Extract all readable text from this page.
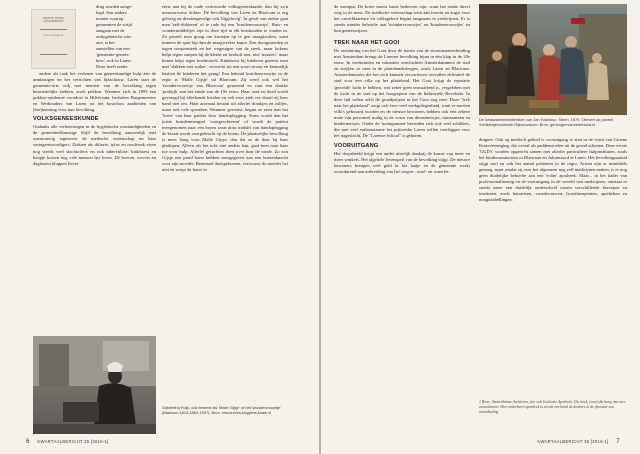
PROEVE EENER GESCHIEDENIS
HET RAADSBLAD
ding worden aange-
legd. Een andere
manier waarop
gemeenten de strijd
aangaan met de
onhygiënische situ-
atie, is het
aanstellen van een
'gemeente-genees-
heer', ook in Laren.
Deze heeft onder

andere als taak het verlenen van geneeskundige hulp aan de armlastigen en het verrichten van lijkschouw. Laren start de gemeente-arts ook met inenten van de bevolking tegen besmettelijke ziekten, zoals pokken. Wanneer zich in 1893 een pokken-epidemie voordoet in Hilversum, besluiten Burgemeester en Wethouders van Laren tot het kosteloos aanbieden van (her)inenting voor hun bevolking.

VOLKSGENEESKUNDE

Ondanks alle verbeteringen in de hygiënische omstandigheden en de geneesheelkunstige blijft de bevolking aanzienlijk met wantrouwig tegenover de medische wetenschap en haar vertegenwoordigers. Ziekten als difterie, tyfus en roodvonk eisen nog steeds veel slachtoffers en ook tuberculose, kinkhoest en heupje kosten nog vele mensen het leven. De boeren, wevers en dagloners kloppen liever

eerst aan bij de oude vertrouwde volksgeneeskunde, dan bij zo'n nieuwerwetse dokter. De bevolking van Laren en Blaricum is erg gelovig en dientengevolge ook 'bijgelovig'. In geval van ziekte gaat men 'zelf-dokteren' of te rade bij een 'kruidenvrouwtje'. Huis- en wondermiddeltjes zijn in deze tijd in elk huishouden te vinden in. Zo prezelt men graag om kruiejen op te gen maagkwalen, want immers de spin bijt dan de maagwerker kapot. Een doorgesneden ui tegen wespensteek en het wegzuigen van de steek, maar kokens helpt tegen stuipen bij de kleine en bezhult met, niet 'muizen', maar bonen helpt tegen koeltesteek. Kinkhoest bij kinderen geneest men met 'slakken met suiker', verwerkt tot een soort stroop en kenmelijk hastten de kinderen het graag! Een bekend kruidenvrouwtje in de regio is 'Malle Gijsje' uit Blaricum. Zij werd ook wel het 'wondervrouwtje van Blaricum' genoemd en runt een drukke 'praktijk' aan het einde van de 19e eeuw. Haar raad en daad wordt gevraagd bij allerhande kwalen en ook voor ziek vee draait zij haar hand niet om. Haar arsenaal bestaat uit allerlei drankjes en zalfjes, maar ook vele spreuken. Wanneer gewenst, begint ze eerst met het 'lezen' van haar patiënt door handoplegging. Soms wordt dan het juiste kruidenmengsel 'voorgeschreven' of wordt de patiënt meegenomen naar een boom waar door middel van handoplegging de kwaal wordt overgebracht op de boom. De plaatselijke bevolking is meer bang voor Malle Gijsje, dan dat ze de deur bij haar platlopen. Alleen als het echt niet anders kan, gaat men naar haar toe voor hulp. Allerlei geruchten doen over haar de ronde. Zo zou Gijsje een pond boter hebben meegegeven aan een boerenknecht voor zijn moeder. Bemmaal thuisgekomen, vertrouwt de moeder het niet en werpt de boter in

6 KWARTAALBERICHT 35 [2016-1]

de mestput. De boter moest haast bedorven zijn, want het stonk direct weg in de mest. De medische wetenschap wint aan terrein en angst voor het onverklaarbare en volksgeloof begint langzaam te verdwijnen. Er is steeds minder behoefte aan 'wondervrouwtjes' en 'kruidenvrouwtjes' en hun geneeswijzen.

TREK NAAR HET GOOI

De ontsluiting van het Gooi door de komst van de stoomtramverbinding met Amsterdam brengt de Larense bevolking bijna in één klap in de 20e eeuw. In weekeinden en vakanties ontvluchten Amsterdammers de stad en strijken ze neer in de plattelandsdorpjes, zoals Laren en Blaricum. Amsterdammers die het zich kunnen veroorloven vervullen definitief de stad voor een villa op het platteland. Het Gooi krijgt de reputatie 'gezonde' lucht te hebben, wat zeker geen onwaarheid is, vergeleken met de lucht in de stad op het hoogtepunt van de Industriële Revolutie. In deze tijd vallen zelfs de grondprijzen in het Gooi nog mee. Deze "trek naar het platteland" zorgt ook voor veel werkgelegenheid, want er moeten villa's gebouwd worden en de nieuwe bewoners hebben ook een zekere mate van personeel nodig in de vorm van dienstmeisjes, tuinmannen en kindermeisjes. Onder de 'nomigranten' bevinden zich ook veel schilders, die met veel enthousiasme het pittoreske Laren willen vastleggen voor het nageslacht. De "Larense School" is geboren.

VOORUITGANG

Het dorpsbeeld krijgt een ander uiterlijk dankzij de komst van meer en meer winkels. Het algehele levenspeil van de bevolking stijgt. De nieuwe bewoners brengen veel geld in het laatje en de gemeente werkt voortdurend aan uitbreiding van het wegen-, riool- en waterlei-

De kwakzalver/tandtrekker van Jan Havicksz. Steen, 1679. Olieverf op paneel. Schilderijencollectie Rijksmuseum. Bron: geheugenvannederland.nl

dingnet. Ook op medisch gebied is vooruitgang te zien in de vorm van Groene Kruisvereniging, die overal als paddenstoelen uit de grond schieten. Deze eerste 'GGD's' worden opgericht samen met allerlei particuliere hulpinstituten, zoals het kindersanatorium in Blaricum en Juliansoord te Laren. Het bevolkingsaantal stijgt snel en ook het aantal patiënten in de regio. Artsen zijn er inmiddels genoeg, maar omdat zij over het algemeen nog zelf medicijnen maken, is er nog geen duidelijke behoefte aan een 'echte' apotheek. Maar... in het kader van professionalisering en de vooruitgang in de wereld van medicijnen, ontstaat er steeds meer een duidelijk onderscheid tussen verschillende beroepen en instituten, zoals huisartsen, vroedvrouwen, fysiotherapeuten, apotheken en nongistabellingen.

1 Bron: Amsterdamse Archieven, (zie ook Goolsche Apotheek. Die boek, tenzij die hoog van zeer vanvoltaneer. Hier onderkeert apotheek is al ook een hand de donkers in de dyosatie van ontwikkeling
KWARTAALBERICHT 35 [2016-1] 7
Gijsbertha Fuijk, ook bekend als 'Malle Gijsje' of het 'wondervrouwtje' (Blaricum 1814-1883-1937). Bron: rescources.huygens.knaw.nl
